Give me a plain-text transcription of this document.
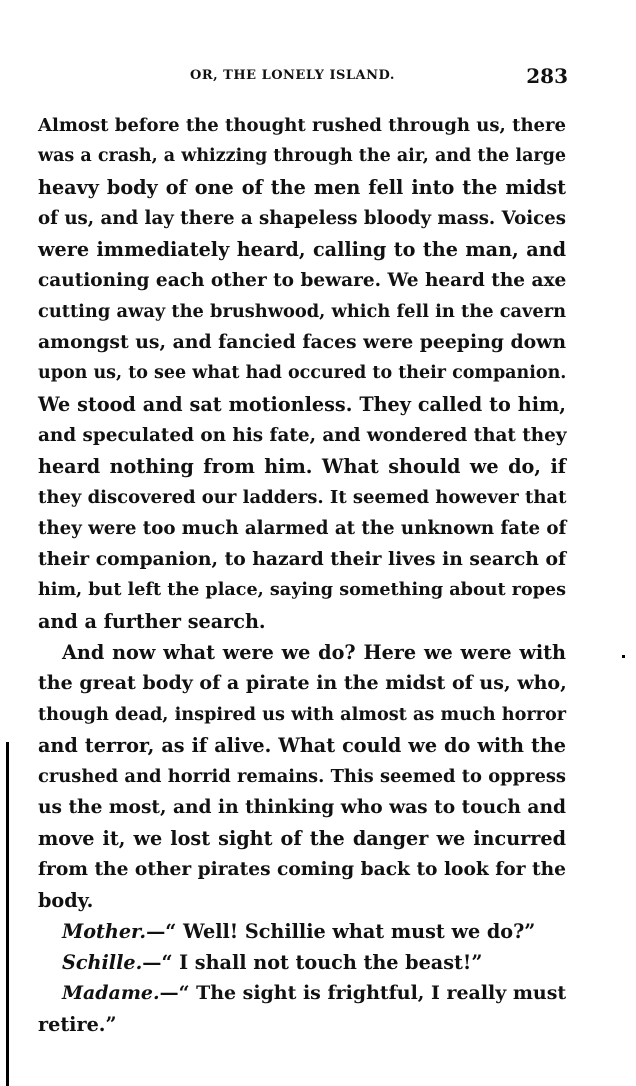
OR, THE LONELY ISLAND.	283
Almost before the thought rushed through us, there
was a crash, a whizzing through the air, and the large
heavy body of one of the men fell into the midst
of us, and lay there a shapeless bloody mass. Voices
were immediately heard, calling to the man, and
cautioning each other to beware. We heard the axe
cutting away the brushwood, which fell in the cavern
amongst us, and fancied faces were peeping down
upon us, to see what had occured to their companion.
We stood and sat motionless. They called to him,
and speculated on his fate, and wondered that they
heard nothing from him. What should we do, if
they discovered our ladders. It seemed however that
they were too much alarmed at the unknown fate of
their companion, to hazard their lives in search of
him, but left the place, saying something about ropes
and a further search.
And now what were we do? Here we were with
the great body of a pirate in the midst of us, who,
though dead, inspired us with almost as much horror
and terror, as if alive. What could we do with the
crushed and horrid remains. This seemed to oppress
us the most, and in thinking who was to touch and
move it, we lost sight of the danger we incurred
from the other pirates coming back to look for the
body.
Mother.—“ Well! Schillie what must we do?”
Schille.—“ I shall not touch the beast!”
Madame.—“ The sight is frightful, I really must
retire.”
